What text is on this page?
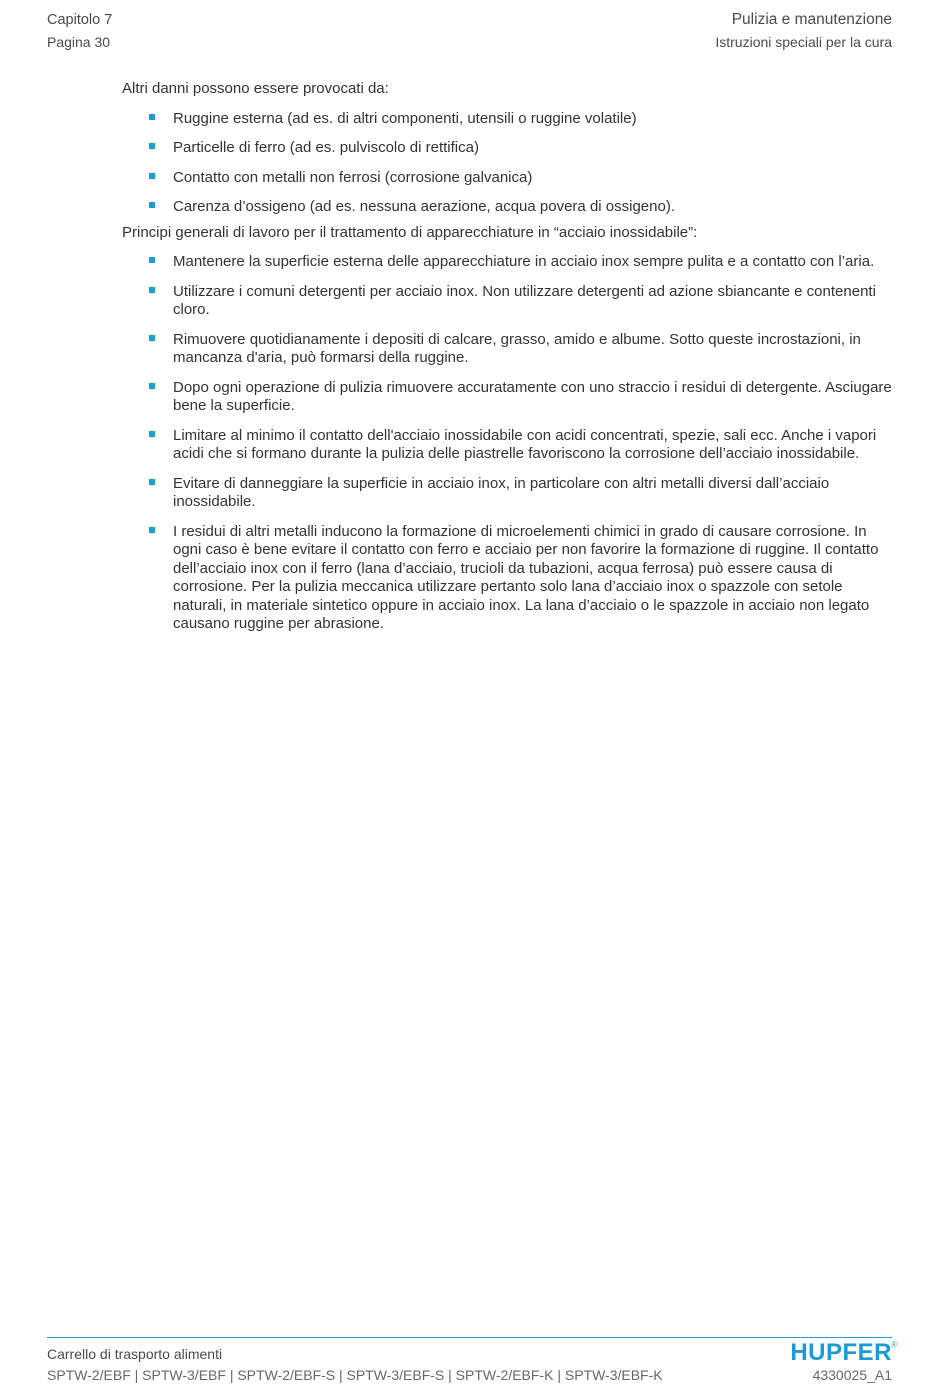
Capitolo 7
Pagina 30
Pulizia e manutenzione
Istruzioni speciali per la cura

Altri danni possono essere provocati da:

Ruggine esterna (ad es. di altri componenti, utensili o ruggine volatile)
Particelle di ferro (ad es. pulviscolo di rettifica)
Contatto con metalli non ferrosi (corrosione galvanica)
Carenza d’ossigeno (ad es. nessuna aerazione, acqua povera di ossigeno).

Principi generali di lavoro per il trattamento di apparecchiature in “acciaio inossidabile”:

Mantenere la superficie esterna delle apparecchiature in acciaio inox sempre pulita e a contatto con l’aria.
Utilizzare i comuni detergenti per acciaio inox. Non utilizzare detergenti ad azione sbiancante e contenenti cloro.
Rimuovere quotidianamente i depositi di calcare, grasso, amido e albume. Sotto queste incrostazioni, in mancanza d'aria, può formarsi della ruggine.
Dopo ogni operazione di pulizia rimuovere accuratamente con uno straccio i residui di detergente. Asciugare bene la superficie.
Limitare al minimo il contatto dell'acciaio inossidabile con acidi concentrati, spezie, sali ecc. Anche i vapori acidi che si formano durante la pulizia delle piastrelle favoriscono la corrosione dell’acciaio inossidabile.
Evitare di danneggiare la superficie in acciaio inox, in particolare con altri metalli diversi dall’acciaio inossidabile.
I residui di altri metalli inducono la formazione di microelementi chimici in grado di causare corrosione. In ogni caso è bene evitare il contatto con ferro e acciaio per non favorire la formazione di ruggine. Il contatto dell’acciaio inox con il ferro (lana d’acciaio, trucioli da tubazioni, acqua ferrosa) può essere causa di corrosione. Per la pulizia meccanica utilizzare pertanto solo lana d’acciaio inox o spazzole con setole naturali, in materiale sintetico oppure in acciaio inox. La lana d’acciaio o le spazzole in acciaio non legato causano ruggine per abrasione.
Carrello di trasporto alimenti
SPTW-2/EBF | SPTW-3/EBF | SPTW-2/EBF-S | SPTW-3/EBF-S | SPTW-2/EBF-K | SPTW-3/EBF-K
HUPFER ®
4330025_A1
